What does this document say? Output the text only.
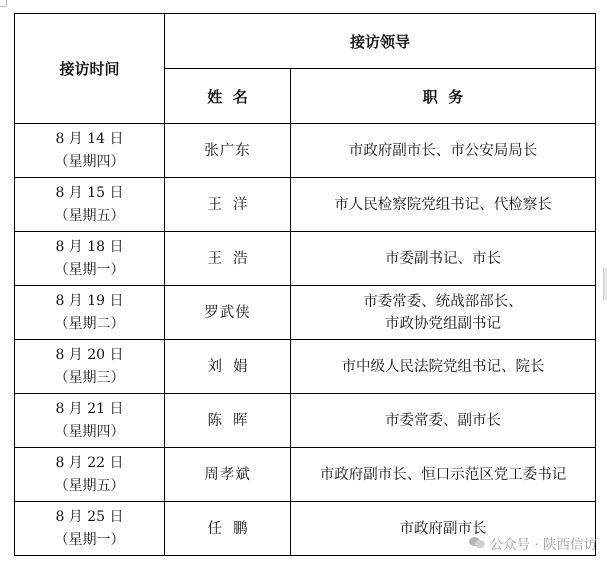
接访时间	接访领导	
	姓  名	职  务

8 月 14 日
（星期四）	张广东	市政府副市长、市公安局局长

8 月 15 日
（星期五）	王洋	市人民检察院党组书记、代检察长

8 月 18 日
（星期一）	王浩	市委副书记、市长

8 月 19 日
（星期二）	罗武侠	市委常委、统战部部长、
市政协党组副书记

8 月 20 日
（星期三）	刘娟	市中级人民法院党组书记、院长

8 月 21 日
（星期四）	陈晖	市委常委、副市长

8 月 22 日
（星期五）	周孝斌	市政府副市长、恒口示范区党工委书记

8 月 25 日
（星期一）	任鹏	市政府副市长
公众号 · 陕西信访
